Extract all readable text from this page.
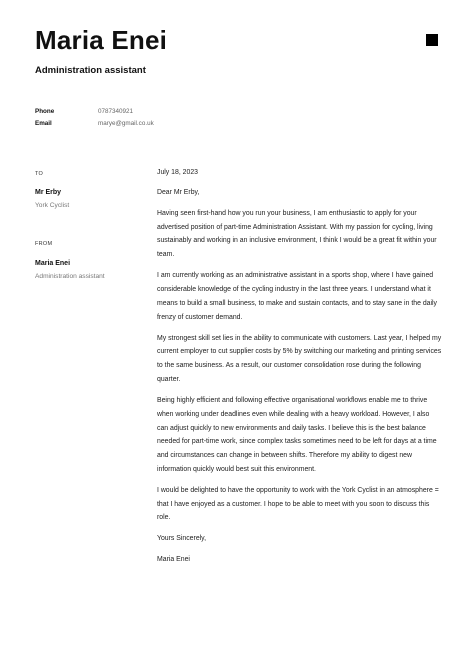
Maria Enei
Administration assistant
Phone	0787340921
Email	marye@gmail.co.uk
TO
Mr Erby
York Cyclist
FROM
Maria Enei
Administration assistant

July 18, 2023

Dear Mr Erby,

Having seen first-hand how you run your business, I am enthusiastic to apply for your advertised position of part-time Administration Assistant. With my passion for cycling, living sustainably and working in an inclusive environment, I think I would be a great fit within your team.

I am currently working as an administrative assistant in a sports shop, where I have gained considerable knowledge of the cycling industry in the last three years. I understand what it means to build a small business, to make and sustain contacts, and to stay sane in the daily frenzy of customer demand.

My strongest skill set lies in the ability to communicate with customers. Last year, I helped my current employer to cut supplier costs by 5% by switching our marketing and printing services to the same business. As a result, our customer consolidation rose during the following quarter.

Being highly efficient and following effective organisational workflows enable me to thrive when working under deadlines even while dealing with a heavy workload. However, I also can adjust quickly to new environments and daily tasks. I believe this is the best balance needed for part-time work, since complex tasks sometimes need to be left for days at a time and circumstances can change in between shifts. Therefore my ability to digest new information quickly would best suit this environment.

I would be delighted to have the opportunity to work with the York Cyclist in an atmosphere = that I have enjoyed as a customer. I hope to be able to meet with you soon to discuss this role.

Yours Sincerely,

Maria Enei
